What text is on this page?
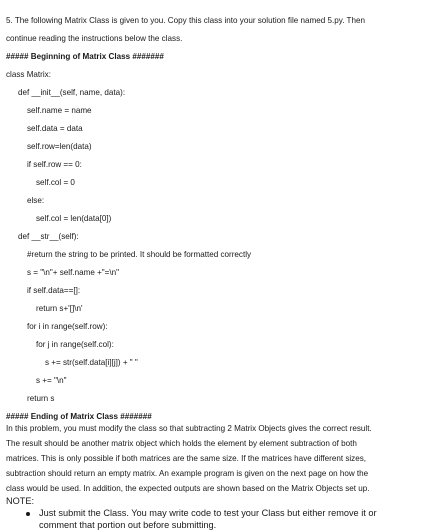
5. The following Matrix Class is given to you. Copy this class into your solution file named 5.py. Then
continue reading the instructions below the class.
##### Beginning of Matrix Class #######
class Matrix:
def __init__(self, name, data):
self.name = name
self.data = data
self.row=len(data)
if self.row == 0:
self.col = 0
else:
self.col = len(data[0])
def __str__(self):
#return the string to be printed. It should be formatted correctly
s = "\n"+ self.name +"=\n"
if self.data==[]:
return s+'[]\n'
for i in range(self.row):
for j in range(self.col):
s += str(self.data[i][j]) + " "
s += "\n"
return s
##### Ending of Matrix Class #######
In this problem, you must modify the class so that subtracting 2 Matrix Objects gives the correct result.
The result should be another matrix object which holds the element by element subtraction of both
matrices. This is only possible if both matrices are the same size. If the matrices have different sizes,
subtraction should return an empty matrix. An example program is given on the next page on how the
class would be used. In addition, the expected outputs are shown based on the Matrix Objects set up.
NOTE:
Just submit the Class. You may write code to test your Class but either remove it or
comment that portion out before submitting.
